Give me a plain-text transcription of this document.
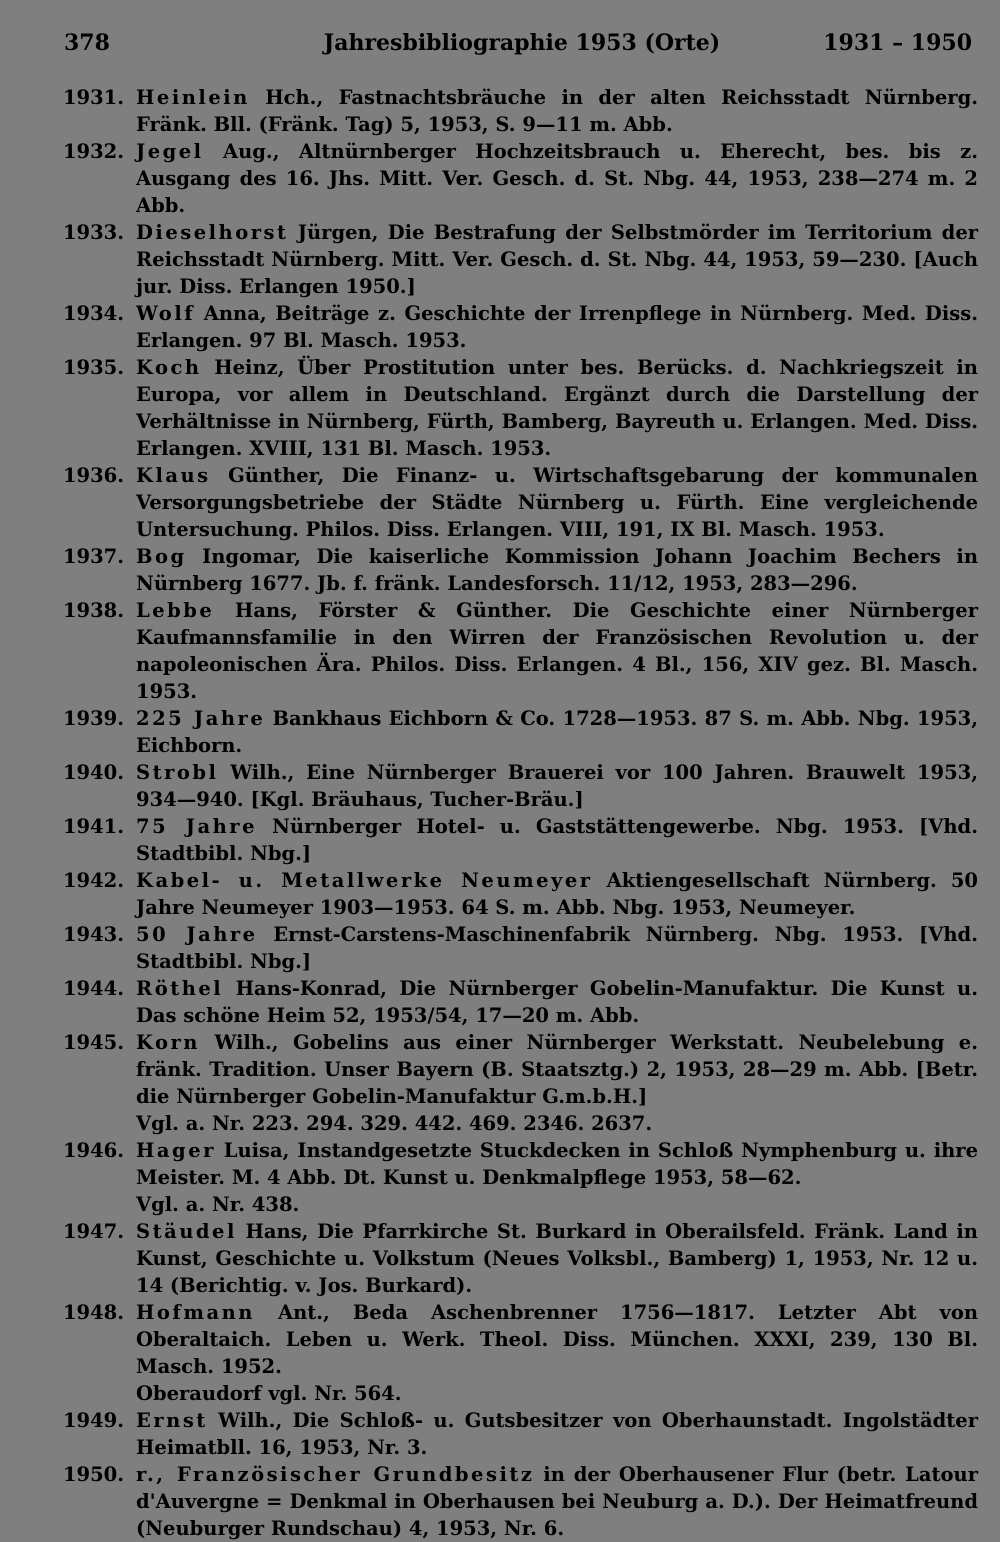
378	Jahresbibliographie 1953 (Orte)	1931 – 1950
1931. Heinlein Hch., Fastnachtsbräuche in der alten Reichsstadt Nürnberg. Fränk. Bll. (Fränk. Tag) 5, 1953, S. 9—11 m. Abb.
1932. Jegel Aug., Altnürnberger Hochzeitsbrauch u. Eherecht, bes. bis z. Ausgang des 16. Jhs. Mitt. Ver. Gesch. d. St. Nbg. 44, 1953, 238—274 m. 2 Abb.
1933. Dieselhorst Jürgen, Die Bestrafung der Selbstmörder im Territorium der Reichsstadt Nürnberg. Mitt. Ver. Gesch. d. St. Nbg. 44, 1953, 59—230. [Auch jur. Diss. Erlangen 1950.]
1934. Wolf Anna, Beiträge z. Geschichte der Irrenpflege in Nürnberg. Med. Diss. Erlangen. 97 Bl. Masch. 1953.
1935. Koch Heinz, Über Prostitution unter bes. Berücks. d. Nachkriegszeit in Europa, vor allem in Deutschland. Ergänzt durch die Darstellung der Verhältnisse in Nürnberg, Fürth, Bamberg, Bayreuth u. Erlangen. Med. Diss. Erlangen. XVIII, 131 Bl. Masch. 1953.
1936. Klaus Günther, Die Finanz- u. Wirtschaftsgebarung der kommunalen Versorgungsbetriebe der Städte Nürnberg u. Fürth. Eine vergleichende Untersuchung. Philos. Diss. Erlangen. VIII, 191, IX Bl. Masch. 1953.
1937. Bog Ingomar, Die kaiserliche Kommission Johann Joachim Bechers in Nürnberg 1677. Jb. f. fränk. Landesforsch. 11/12, 1953, 283—296.
1938. Lebbe Hans, Förster & Günther. Die Geschichte einer Nürnberger Kaufmannsfamilie in den Wirren der Französischen Revolution u. der napoleonischen Ära. Philos. Diss. Erlangen. 4 Bl., 156, XIV gez. Bl. Masch. 1953.
1939. 225 Jahre Bankhaus Eichborn & Co. 1728—1953. 87 S. m. Abb. Nbg. 1953, Eichborn.
1940. Strobl Wilh., Eine Nürnberger Brauerei vor 100 Jahren. Brauwelt 1953, 934—940. [Kgl. Bräuhaus, Tucher-Bräu.]
1941. 75 Jahre Nürnberger Hotel- u. Gaststättengewerbe. Nbg. 1953. [Vhd. Stadtbibl. Nbg.]
1942. Kabel- u. Metallwerke Neumeyer Aktiengesellschaft Nürnberg. 50 Jahre Neumeyer 1903—1953. 64 S. m. Abb. Nbg. 1953, Neumeyer.
1943. 50 Jahre Ernst-Carstens-Maschinenfabrik Nürnberg. Nbg. 1953. [Vhd. Stadtbibl. Nbg.]
1944. Röthel Hans-Konrad, Die Nürnberger Gobelin-Manufaktur. Die Kunst u. Das schöne Heim 52, 1953/54, 17—20 m. Abb.
1945. Korn Wilh., Gobelins aus einer Nürnberger Werkstatt. Neubelebung e. fränk. Tradition. Unser Bayern (B. Staatsztg.) 2, 1953, 28—29 m. Abb. [Betr. die Nürnberger Gobelin-Manufaktur G.m.b.H.]
Vgl. a. Nr. 223. 294. 329. 442. 469. 2346. 2637.
1946. Hager Luisa, Instandgesetzte Stuckdecken in Schloß Nymphenburg u. ihre Meister. M. 4 Abb. Dt. Kunst u. Denkmalpflege 1953, 58—62.
Vgl. a. Nr. 438.
1947. Stäudel Hans, Die Pfarrkirche St. Burkard in Oberailsfeld. Fränk. Land in Kunst, Geschichte u. Volkstum (Neues Volksbl., Bamberg) 1, 1953, Nr. 12 u. 14 (Berichtig. v. Jos. Burkard).
1948. Hofmann Ant., Beda Aschenbrenner 1756—1817. Letzter Abt von Oberaltaich. Leben u. Werk. Theol. Diss. München. XXXI, 239, 130 Bl. Masch. 1952.
Oberaudorf vgl. Nr. 564.
1949. Ernst Wilh., Die Schloß- u. Gutsbesitzer von Oberhaunstadt. Ingolstädter Heimatbll. 16, 1953, Nr. 3.
1950. r., Französischer Grundbesitz in der Oberhausener Flur (betr. Latour d'Auvergne = Denkmal in Oberhausen bei Neuburg a. D.). Der Heimatfreund (Neuburger Rundschau) 4, 1953, Nr. 6.
